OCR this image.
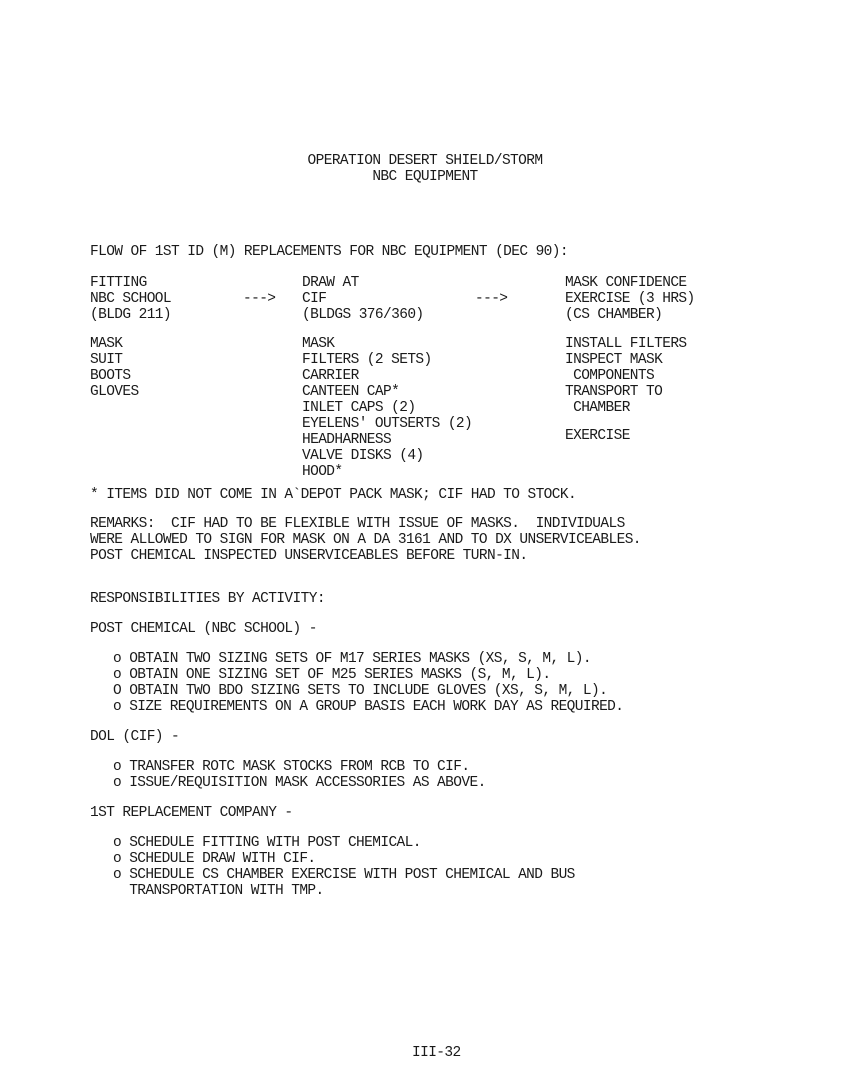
OPERATION DESERT SHIELD/STORM
NBC EQUIPMENT
FLOW OF 1ST ID (M) REPLACEMENTS FOR NBC EQUIPMENT (DEC 90):
FITTING
NBC SCHOOL
(BLDG 211)
--->
DRAW AT
CIF
(BLDGS 376/360)
--->
MASK CONFIDENCE
EXERCISE (3 HRS)
(CS CHAMBER)
MASK
SUIT
BOOTS
GLOVES
MASK
FILTERS (2 SETS)
CARRIER
CANTEEN CAP*
INLET CAPS (2)
EYELENS' OUTSERTS (2)
HEADHARNESS
VALVE DISKS (4)
HOOD*
INSTALL FILTERS
INSPECT MASK
COMPONENTS
TRANSPORT TO
CHAMBER
EXERCISE
* ITEMS DID NOT COME IN A`DEPOT PACK MASK; CIF HAD TO STOCK.
REMARKS:  CIF HAD TO BE FLEXIBLE WITH ISSUE OF MASKS.  INDIVIDUALS
WERE ALLOWED TO SIGN FOR MASK ON A DA 3161 AND TO DX UNSERVICEABLES.
POST CHEMICAL INSPECTED UNSERVICEABLES BEFORE TURN-IN.
RESPONSIBILITIES BY ACTIVITY:
POST CHEMICAL (NBC SCHOOL) -
o OBTAIN TWO SIZING SETS OF M17 SERIES MASKS (XS, S, M, L).
o OBTAIN ONE SIZING SET OF M25 SERIES MASKS (S, M, L).
O OBTAIN TWO BDO SIZING SETS TO INCLUDE GLOVES (XS, S, M, L).
o SIZE REQUIREMENTS ON A GROUP BASIS EACH WORK DAY AS REQUIRED.
DOL (CIF) -
o TRANSFER ROTC MASK STOCKS FROM RCB TO CIF.
o ISSUE/REQUISITION MASK ACCESSORIES AS ABOVE.
1ST REPLACEMENT COMPANY -
o SCHEDULE FITTING WITH POST CHEMICAL.
o SCHEDULE DRAW WITH CIF.
o SCHEDULE CS CHAMBER EXERCISE WITH POST CHEMICAL AND BUS
TRANSPORTATION WITH TMP.
III-32
